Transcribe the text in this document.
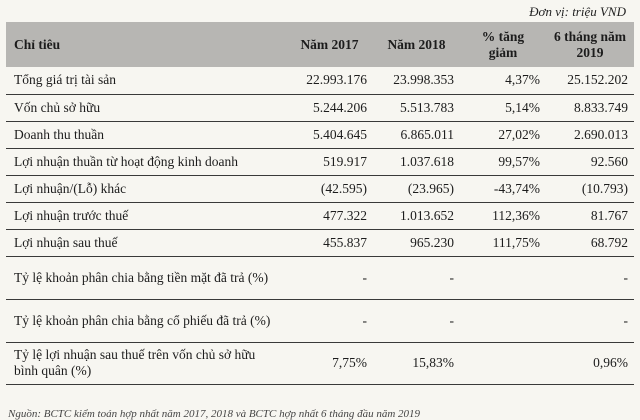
Đơn vị: triệu VND
Chỉ tiêu	Năm 2017	Năm 2018	% tăng giảm	6 tháng năm 2019
Tổng giá trị tài sản	22.993.176	23.998.353	4,37%	25.152.202
Vốn chủ sở hữu	5.244.206	5.513.783	5,14%	8.833.749
Doanh thu thuần	5.404.645	6.865.011	27,02%	2.690.013
Lợi nhuận thuần từ hoạt động kinh doanh	519.917	1.037.618	99,57%	92.560
Lợi nhuận/(Lỗ) khác	(42.595)	(23.965)	-43,74%	(10.793)
Lợi nhuận trước thuế	477.322	1.013.652	112,36%	81.767
Lợi nhuận sau thuế	455.837	965.230	111,75%	68.792
Tỷ lệ khoản phân chia bằng tiền mặt đã trả (%)	-	-		-
Tỷ lệ khoản phân chia bằng cổ phiếu đã trả (%)	-	-		-
Tỷ lệ lợi nhuận sau thuế trên vốn chủ sở hữu bình quân (%)	7,75%	15,83%		0,96%
Nguồn: BCTC kiểm toán hợp nhất năm 2017, 2018 và BCTC hợp nhất 6 tháng đầu năm 2019
